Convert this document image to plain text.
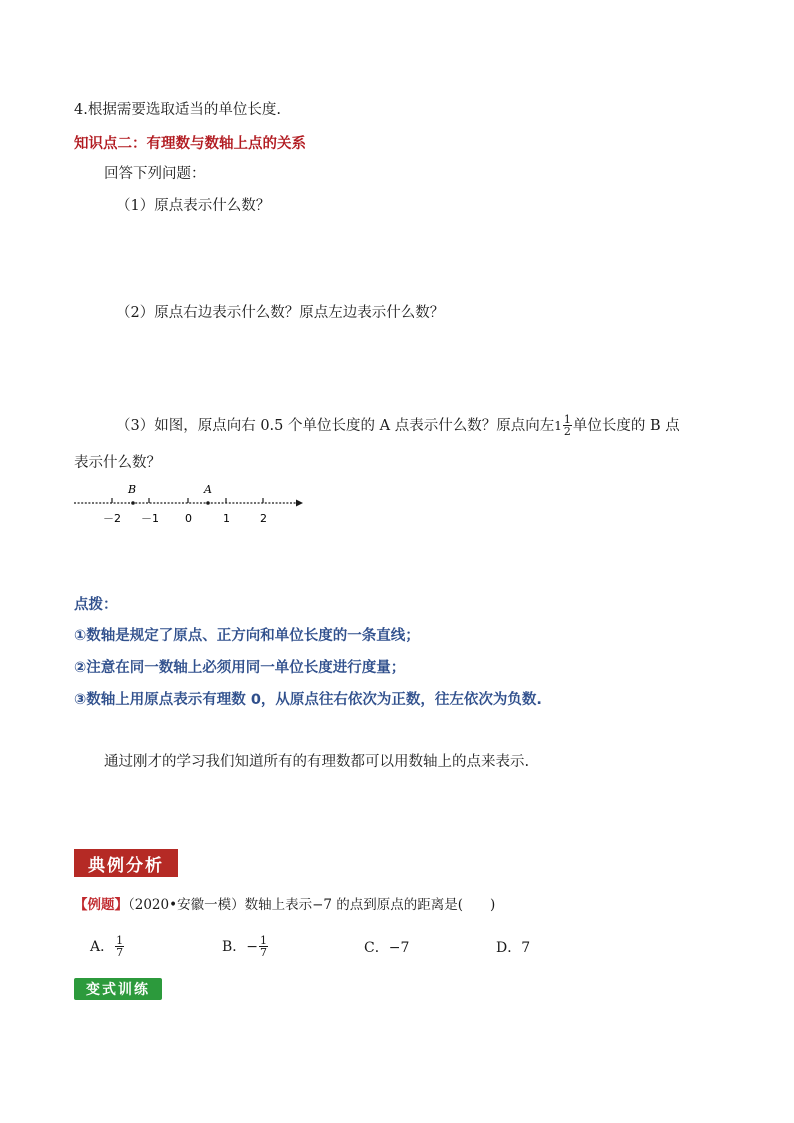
4.根据需要选取适当的单位长度.
知识点二：有理数与数轴上点的关系
回答下列问题：
（1）原点表示什么数？
（2）原点右边表示什么数？原点左边表示什么数？
（3）如图，原点向右 0.5 个单位长度的 A 点表示什么数？原点向左 $1 \frac{1}{2}$ 单位长度的 B 点
表示什么数？
B	A
－2 －1 0	1	2
点拨：
①数轴是规定了原点、正方向和单位长度的一条直线；
②注意在同一数轴上必须用同一单位长度进行度量；
③数轴上用原点表示有理数 0，从原点往右依次为正数，往左依次为负数.
通过刚才的学习我们知道所有的有理数都可以用数轴上的点来表示.
典例分析
【例题】（2020•安徽一模）数轴上表示−7 的点到原点的距离是(　　)
A． $\frac{1}{7}$	B．− $\frac{1}{7}$	C．−7	D．7
变式训练
